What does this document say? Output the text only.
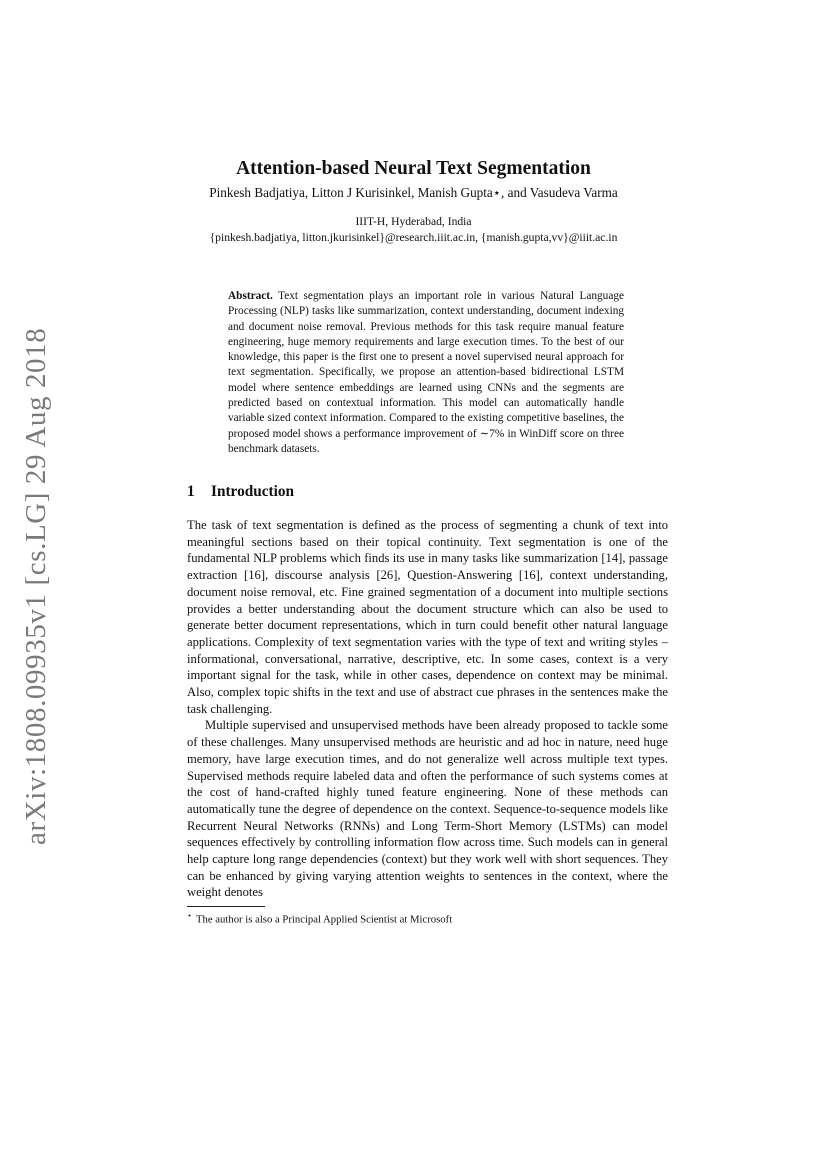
arXiv:1808.09935v1 [cs.LG] 29 Aug 2018
Attention-based Neural Text Segmentation
Pinkesh Badjatiya, Litton J Kurisinkel, Manish Gupta⋆, and Vasudeva Varma
IIIT-H, Hyderabad, India
{pinkesh.badjatiya, litton.jkurisinkel}@research.iiit.ac.in, {manish.gupta,vv}@iiit.ac.in
Abstract. Text segmentation plays an important role in various Natural Language Processing (NLP) tasks like summarization, context understanding, document indexing and document noise removal. Previous methods for this task require manual feature engineering, huge memory requirements and large execution times. To the best of our knowledge, this paper is the first one to present a novel supervised neural approach for text segmentation. Specifically, we propose an attention-based bidirectional LSTM model where sentence embeddings are learned using CNNs and the segments are predicted based on contextual information. This model can automatically handle variable sized context information. Compared to the existing competitive baselines, the proposed model shows a performance improvement of ∼7% in WinDiff score on three benchmark datasets.
1 Introduction

The task of text segmentation is defined as the process of segmenting a chunk of text into meaningful sections based on their topical continuity. Text segmentation is one of the fundamental NLP problems which finds its use in many tasks like summarization [14], passage extraction [16], discourse analysis [26], Question-Answering [16], context understanding, document noise removal, etc. Fine grained segmentation of a document into multiple sections provides a better understanding about the document structure which can also be used to generate better document representations, which in turn could benefit other natural language applications. Complexity of text segmentation varies with the type of text and writing styles – informational, conversational, narrative, descriptive, etc. In some cases, context is a very important signal for the task, while in other cases, dependence on context may be minimal. Also, complex topic shifts in the text and use of abstract cue phrases in the sentences make the task challenging.

Multiple supervised and unsupervised methods have been already proposed to tackle some of these challenges. Many unsupervised methods are heuristic and ad hoc in nature, need huge memory, have large execution times, and do not generalize well across multiple text types. Supervised methods require labeled data and often the performance of such systems comes at the cost of hand-crafted highly tuned feature engineering. None of these methods can automatically tune the degree of dependence on the context. Sequence-to-sequence models like Recurrent Neural Networks (RNNs) and Long Term-Short Memory (LSTMs) can model sequences effectively by controlling information flow across time. Such models can in general help capture long range dependencies (context) but they work well with short sequences. They can be enhanced by giving varying attention weights to sentences in the context, where the weight denotes

⋆ The author is also a Principal Applied Scientist at Microsoft
